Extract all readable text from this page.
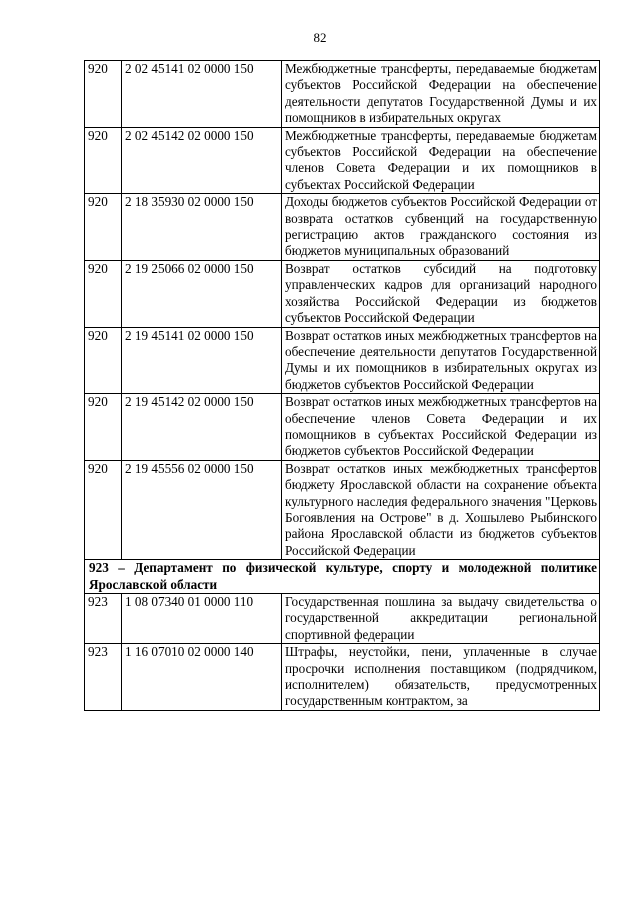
82
920	2 02 45141 02 0000 150	Межбюджетные трансферты, передаваемые бюджетам субъектов Российской Федерации на обеспечение деятельности депутатов Государственной Думы и их помощников в избирательных округах
920	2 02 45142 02 0000 150	Межбюджетные трансферты, передаваемые бюджетам субъектов Российской Федерации на обеспечение членов Совета Федерации и их помощников в субъектах Российской Федерации
920	2 18 35930 02 0000 150	Доходы бюджетов субъектов Российской Федерации от возврата остатков субвенций на государственную регистрацию актов гражданского состояния из бюджетов муниципальных образований
920	2 19 25066 02 0000 150	Возврат остатков субсидий на подготовку управленческих кадров для организаций народного хозяйства Российской Федерации из бюджетов субъектов Российской Федерации
920	2 19 45141 02 0000 150	Возврат остатков иных межбюджетных трансфертов на обеспечение деятельности депутатов Государственной Думы и их помощников в избирательных округах из бюджетов субъектов Российской Федерации
920	2 19 45142 02 0000 150	Возврат остатков иных межбюджетных трансфертов на обеспечение членов Совета Федерации и их помощников в субъектах Российской Федерации из бюджетов субъектов Российской Федерации
920	2 19 45556 02 0000 150	Возврат остатков иных межбюджетных трансфертов бюджету Ярославской области на сохранение объекта культурного наследия федерального значения "Церковь Богоявления на Острове" в д. Хошылево Рыбинского района Ярославской области из бюджетов субъектов Российской Федерации
923 – Департамент по физической культуре, спорту и молодежной политике Ярославской области		
923	1 08 07340 01 0000 110	Государственная пошлина за выдачу свидетельства о государственной аккредитации региональной спортивной федерации
923	1 16 07010 02 0000 140	Штрафы, неустойки, пени, уплаченные в случае просрочки исполнения поставщиком (подрядчиком, исполнителем) обязательств, предусмотренных государственным контрактом, за
